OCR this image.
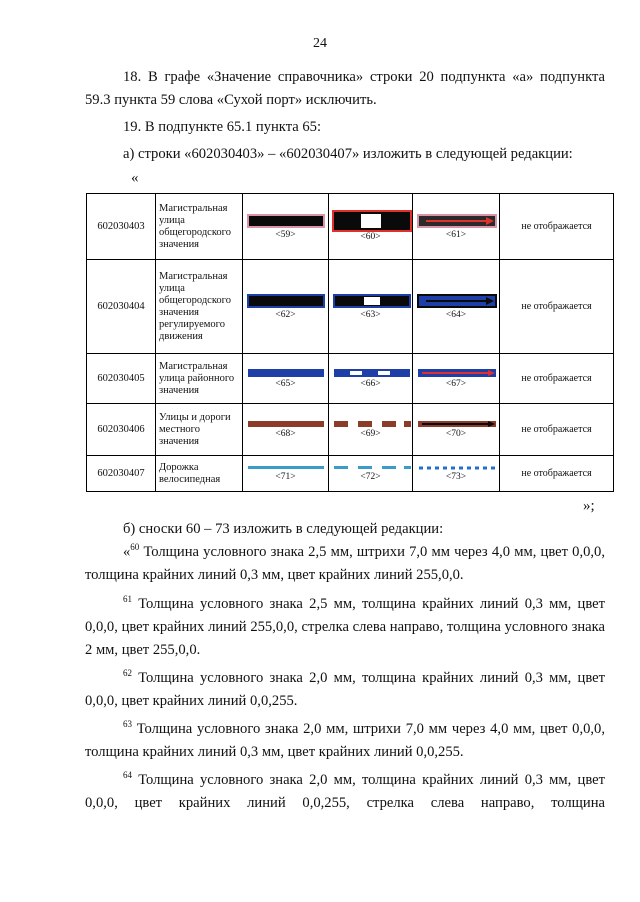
24
18. В графе «Значение справочника» строки 20 подпункта «а» подпункта 59.3 пункта 59 слова «Сухой порт» исключить.
19. В подпункте 65.1 пункта 65:
а) строки «602030403» – «602030407» изложить в следующей редакции:
«
602030403	Магистральная улица общегородского значения	<59>	<60>	<61>	не отображается
602030404	Магистральная улица общегородского значения регулируемого движения	<62>	<63>	<64>	не отображается
602030405	Магистральная улица районного значения	<65>	<66>	<67>	не отображается
602030406	Улицы и дороги местного значения	<68>	<69>	<70>	не отображается
602030407	Дорожка велосипедная	<71>	<72>	<73>	не отображается
»;
б) сноски 60 – 73 изложить в следующей редакции:
«$^{60}$ Толщина условного знака 2,5 мм, штрихи 7,0 мм через 4,0 мм, цвет 0,0,0, толщина крайних линий 0,3 мм, цвет крайних линий 255,0,0.
$^{61}$ Толщина условного знака 2,5 мм, толщина крайних линий 0,3 мм, цвет 0,0,0, цвет крайних линий 255,0,0, стрелка слева направо, толщина условного знака 2 мм, цвет 255,0,0.
$^{62}$ Толщина условного знака 2,0 мм, толщина крайних линий 0,3 мм, цвет 0,0,0, цвет крайних линий 0,0,255.
$^{63}$ Толщина условного знака 2,0 мм, штрихи 7,0 мм через 4,0 мм, цвет 0,0,0, толщина крайних линий 0,3 мм, цвет крайних линий 0,0,255.
$^{64}$ Толщина условного знака 2,0 мм, толщина крайних линий 0,3 мм, цвет 0,0,0, цвет крайних линий 0,0,255, стрелка слева направо, толщина
